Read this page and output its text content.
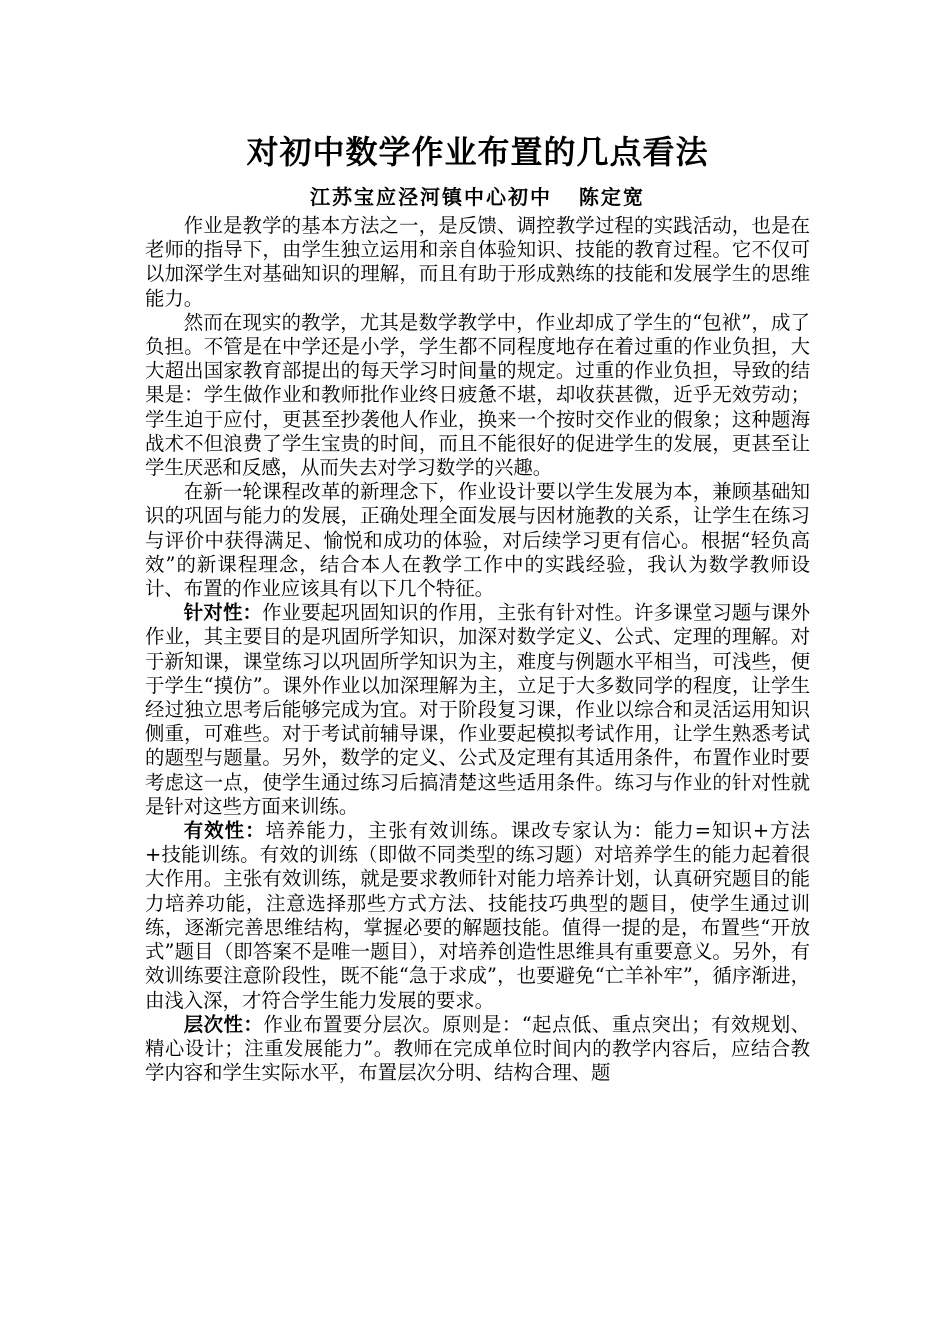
对初中数学作业布置的几点看法
江苏宝应泾河镇中心初中   陈定宽

作业是教学的基本方法之一，是反馈、调控教学过程的实践活动，也是在老师的指导下，由学生独立运用和亲自体验知识、技能的教育过程。它不仅可以加深学生对基础知识的理解，而且有助于形成熟练的技能和发展学生的思维能力。

然而在现实的教学，尤其是数学教学中，作业却成了学生的“包袱”，成了负担。不管是在中学还是小学，学生都不同程度地存在着过重的作业负担，大大超出国家教育部提出的每天学习时间量的规定。过重的作业负担，导致的结果是：学生做作业和教师批作业终日疲惫不堪，却收获甚微，近乎无效劳动；学生迫于应付，更甚至抄袭他人作业，换来一个按时交作业的假象；这种题海战术不但浪费了学生宝贵的时间，而且不能很好的促进学生的发展，更甚至让学生厌恶和反感，从而失去对学习数学的兴趣。

在新一轮课程改革的新理念下，作业设计要以学生发展为本，兼顾基础知识的巩固与能力的发展，正确处理全面发展与因材施教的关系，让学生在练习与评价中获得满足、愉悦和成功的体验，对后续学习更有信心。根据“轻负高效”的新课程理念，结合本人在教学工作中的实践经验，我认为数学教师设计、布置的作业应该具有以下几个特征。

针对性：作业要起巩固知识的作用，主张有针对性。许多课堂习题与课外作业，其主要目的是巩固所学知识，加深对数学定义、公式、定理的理解。对于新知课，课堂练习以巩固所学知识为主，难度与例题水平相当，可浅些，便于学生“摸仿”。课外作业以加深理解为主，立足于大多数同学的程度，让学生经过独立思考后能够完成为宜。对于阶段复习课，作业以综合和灵活运用知识侧重，可难些。对于考试前辅导课，作业要起模拟考试作用，让学生熟悉考试的题型与题量。另外，数学的定义、公式及定理有其适用条件，布置作业时要考虑这一点，使学生通过练习后搞清楚这些适用条件。练习与作业的针对性就是针对这些方面来训练。

有效性：培养能力，主张有效训练。课改专家认为：能力=知识+方法+技能训练。有效的训练（即做不同类型的练习题）对培养学生的能力起着很大作用。主张有效训练，就是要求教师针对能力培养计划，认真研究题目的能力培养功能，注意选择那些方式方法、技能技巧典型的题目，使学生通过训练，逐渐完善思维结构，掌握必要的解题技能。值得一提的是，布置些“开放式”题目（即答案不是唯一题目），对培养创造性思维具有重要意义。另外，有效训练要注意阶段性，既不能“急于求成”，也要避免“亡羊补牢”，循序渐进，由浅入深，才符合学生能力发展的要求。

层次性：作业布置要分层次。原则是：“起点低、重点突出；有效规划、精心设计；注重发展能力”。教师在完成单位时间内的教学内容后，应结合教学内容和学生实际水平，布置层次分明、结构合理、题
